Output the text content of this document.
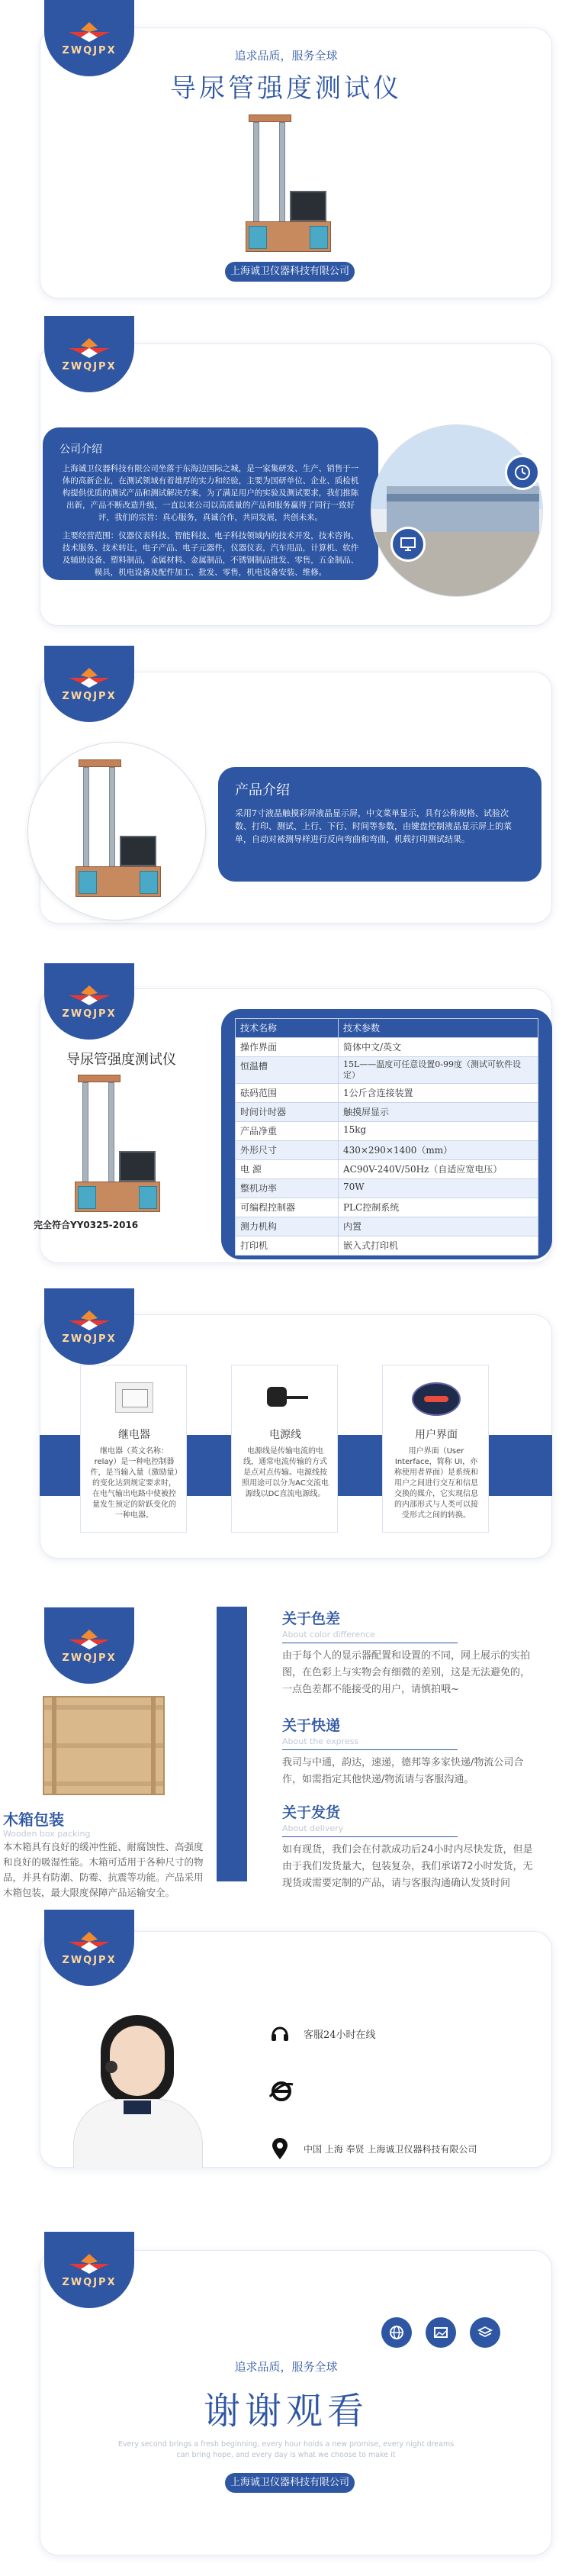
ZWQJPX	追求品质，服务全球
导尿管强度测试仪
上海诚卫仪器科技有限公司
ZWQJPX
公司介绍
上海诚卫仪器科技有限公司坐落于东海边国际之城，是一家集研发、生产、销售于一体的高新企业，在测试领域有着雄厚的实力和经验，主要为国研单位、企业、质检机构提供优质的测试产品和测试解决方案，为了满足用户的实验及测试要求，我们推陈出新，产品不断改造升级，一直以来公司以高质量的产品和服务赢得了同行一致好评，我们的宗旨：真心服务，真诚合作，共同发展，共创未来。
主要经营范围：仪器仪表科技、智能科技、电子科技领域内的技术开发，技术咨询、技术服务、技术转让，电子产品、电子元器件，仪器仪表，汽车用品，计算机、软件及辅助设备、塑料制品，金属材料、金属制品，不锈钢制品批发、零售，五金制品、模具，机电设备及配件加工、批发、零售，机电设备安装、维修。
ZWQJPX
产品介绍
采用7寸液晶触摸彩屏液晶显示屏，中文菜单显示，具有公称规格、试验次数、打印、测试、上行、下行、时间等参数，由键盘控制液晶显示屏上的菜单，自动对被测导样进行反向弯曲和弯曲，机载打印测试结果。
ZWQJPX
导尿管强度测试仪
完全符合YY0325-2016
技术名称	技术参数
操作界面	简体中文/英文
恒温槽	15L——温度可任意设置0-99度（测试可软件设定）
砝码范围	1公斤含连接装置
时间计时器	触摸屏显示
产品净重	15kg
外形尺寸	430×290×1400（mm）
电 源	AC90V-240V/50Hz（自适应宽电压）
整机功率	70W
可编程控制器	PLC控制系统
测力机构	内置
打印机	嵌入式打印机
ZWQJPX
继电器
继电器（英文名称：relay）是一种电控制器件，是当输入量（激励量）的变化达到规定要求时，在电气输出电路中使被控量发生预定的阶跃变化的一种电器。
电源线
电源线是传输电流的电线，通常电流传输的方式是点对点传输。电源线按照用途可以分为AC交流电源线以DC直流电源线。
用户界面
用户界面（User Interface，简称 UI，亦称使用者界面）是系统和用户之间进行交互和信息交换的媒介，它实现信息的内部形式与人类可以接受形式之间的转换。
ZWQJPX
木箱包装
Wooden box packing
本木箱具有良好的缓冲性能、耐腐蚀性、高强度和良好的吸湿性能。木箱可适用于各种尺寸的物品，并具有防潮、防霉、抗震等功能。产品采用木箱包装，最大限度保障产品运输安全。
关于色差
About color difference
由于每个人的显示器配置和设置的不同，网上展示的实拍图，在色彩上与实物会有细微的差别，这是无法避免的，一点色差都不能接受的用户，请慎拍哦~
关于快递
About the express
我司与中通，韵达，速递，德邦等多家快递/物流公司合作，如需指定其他快递/物流请与客服沟通。
关于发货
About delivery
如有现货，我们会在付款成功后24小时内尽快发货，但是由于我们发货量大，包装复杂，我们承诺72小时发货，无现货或需要定制的产品，请与客服沟通确认发货时间
ZWQJPX
客服24小时在线
中国 上海 奉贤 上海诚卫仪器科技有限公司
ZWQJPX
追求品质，服务全球
谢谢观看
Every second brings a fresh beginning, every hour holds a new promise, every night dreams can bring hope, and every day is what we choose to make it
上海诚卫仪器科技有限公司
